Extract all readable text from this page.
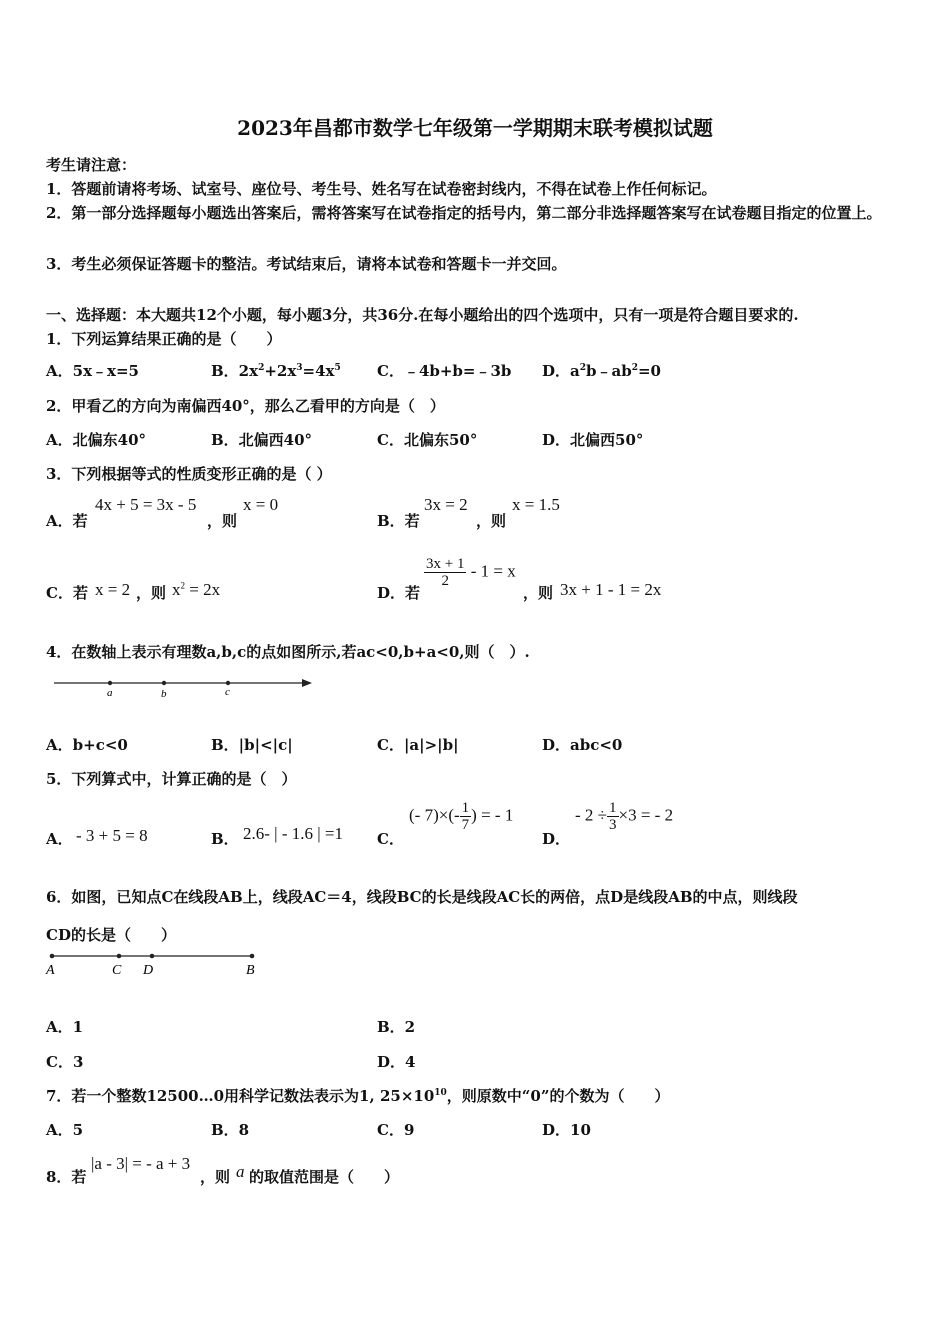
2023年昌都市数学七年级第一学期期末联考模拟试题
考生请注意：
1．答题前请将考场、试室号、座位号、考生号、姓名写在试卷密封线内，不得在试卷上作任何标记。
2．第一部分选择题每小题选出答案后，需将答案写在试卷指定的括号内，第二部分非选择题答案写在试卷题目指定的位置上。
3．考生必须保证答题卡的整洁。考试结束后，请将本试卷和答题卡一并交回。
一、选择题：本大题共12个小题，每小题3分，共36分.在每小题给出的四个选项中，只有一项是符合题目要求的.
1．下列运算结果正确的是（　　）
A．5x﹣x=5	B．$2x^2+2x^3=4x^5$ C．﹣4b+b=﹣3b D．$a^2b﹣ab^2=0$
2．甲看乙的方向为南偏西40°，那么乙看甲的方向是（　）
A．北偏东40°	B．北偏西40°	C．北偏东50°	D．北偏西50°
3．下列根据等式的性质变形正确的是（ ）
A．若
4x + 5 = 3x - 5
，则
x = 0
B．若
3x = 2
，则
x = 1.5
C．若 x = 2 ，则 $x^2 = 2x$	D．若
$\frac{3x + 1}{2} - 1 = x$
，则 3x + 1 - 1 = 2x
4．在数轴上表示有理数a,b,c的点如图所示,若ac<0,b+a<0,则（　）.
a	b	c
A．b+c<0	B．|b|<|c|	C．|a|>|b|	D．abc<0
5．下列算式中，计算正确的是（　）
A． - 3 + 5 = 8	B． 2.6- | - 1.6 | =1 C．
(- $7)\times(- \frac{1}{7}$ ) = - 1
D．
- $2 \div \frac{1}{3} \times 3$ = - 2
6．如图，已知点C在线段AB上，线段AC＝4，线段BC的长是线段AC长的两倍，点D是线段AB的中点，则线段
CD的长是（　　）
A	C D	B
A．1	B．2
C．3	D．4
7．若一个整数12500…0用科学记数法表示为1, $25\times 10^{10}$，则原数中“0”的个数为（　　）
A．5	B．8	C．9	D．10
8．若
|a - 3| = - a + 3
，则 a 的取值范围是（　　）
